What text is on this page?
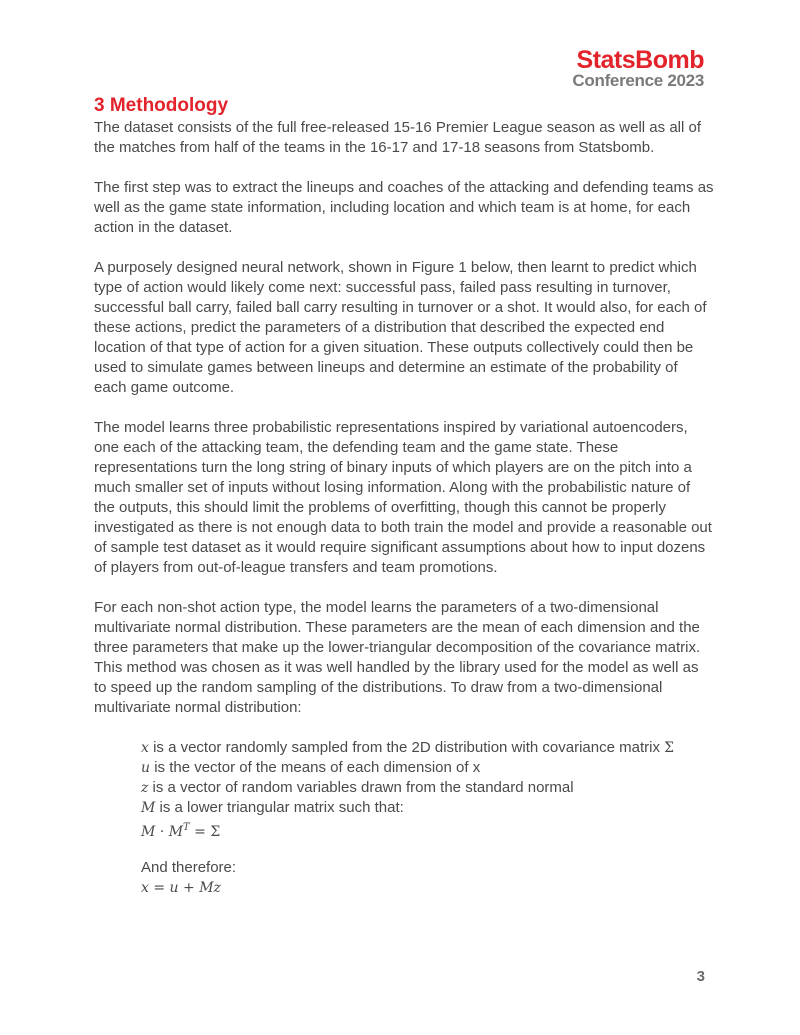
StatsBomb
Conference 2023
3 Methodology

The dataset consists of the full free-released 15-16 Premier League season as well as all of the matches from half of the teams in the 16-17 and 17-18 seasons from Statsbomb.

The first step was to extract the lineups and coaches of the attacking and defending teams as well as the game state information, including location and which team is at home, for each action in the dataset.

A purposely designed neural network, shown in Figure 1 below, then learnt to predict which type of action would likely come next: successful pass, failed pass resulting in turnover, successful ball carry, failed ball carry resulting in turnover or a shot. It would also, for each of these actions, predict the parameters of a distribution that described the expected end location of that type of action for a given situation. These outputs collectively could then be used to simulate games between lineups and determine an estimate of the probability of each game outcome.

The model learns three probabilistic representations inspired by variational autoencoders, one each of the attacking team, the defending team and the game state. These representations turn the long string of binary inputs of which players are on the pitch into a much smaller set of inputs without losing information. Along with the probabilistic nature of the outputs, this should limit the problems of overfitting, though this cannot be properly investigated as there is not enough data to both train the model and provide a reasonable out of sample test dataset as it would require significant assumptions about how to input dozens of players from out-of-league transfers and team promotions.

For each non-shot action type, the model learns the parameters of a two-dimensional multivariate normal distribution. These parameters are the mean of each dimension and the three parameters that make up the lower-triangular decomposition of the covariance matrix. This method was chosen as it was well handled by the library used for the model as well as to speed up the random sampling of the distributions. To draw from a two-dimensional multivariate normal distribution:

x is a vector randomly sampled from the 2D distribution with covariance matrix Σ
u is the vector of the means of each dimension of x
z is a vector of random variables drawn from the standard normal
M is a lower triangular matrix such that:
$M \cdot M^T = \Sigma$
And therefore:
x = u + Mz
3
